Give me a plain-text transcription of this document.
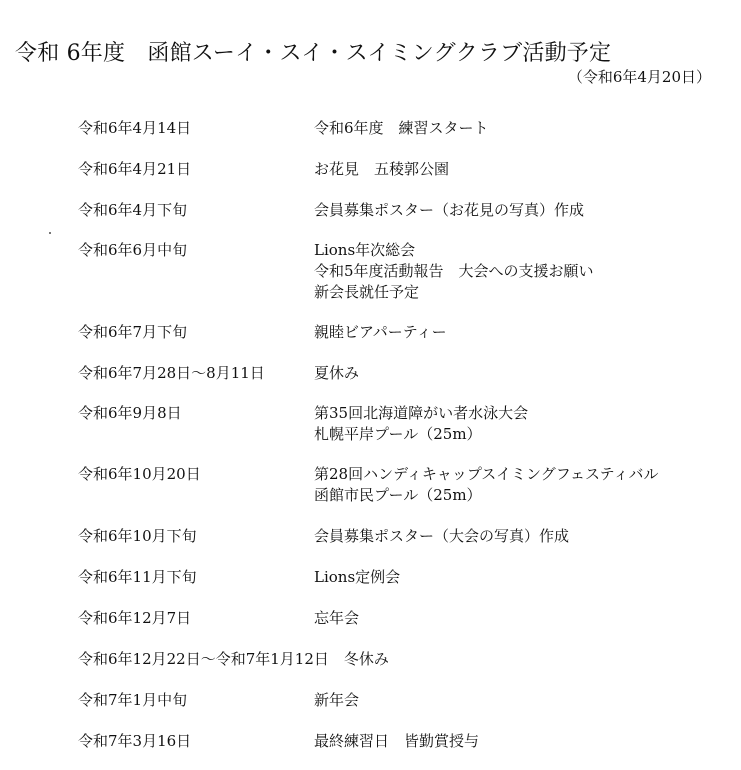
令和 6年度　函館スーイ・スイ・スイミングクラブ活動予定
（令和6年4月20日）
令和6年4月14日	令和6年度　練習スタート
令和6年4月21日	お花見　五稜郭公園
令和6年4月下旬	会員募集ポスター（お花見の写真）作成
令和6年6月中旬	Lions年次総会
令和5年度活動報告　大会への支援お願い
新会長就任予定
令和6年7月下旬	親睦ビアパーティー
令和6年7月28日～8月11日	夏休み
令和6年9月8日	第35回北海道障がい者水泳大会
札幌平岸プール（25m）
令和6年10月20日	第28回ハンディキャップスイミングフェスティバル
函館市民プール（25m）
令和6年10月下旬	会員募集ポスター（大会の写真）作成
令和6年11月下旬	Lions定例会
令和6年12月7日	忘年会
令和6年12月22日～令和7年1月12日 冬休み
令和7年1月中旬	新年会
令和7年3月16日	最終練習日　皆勤賞授与
